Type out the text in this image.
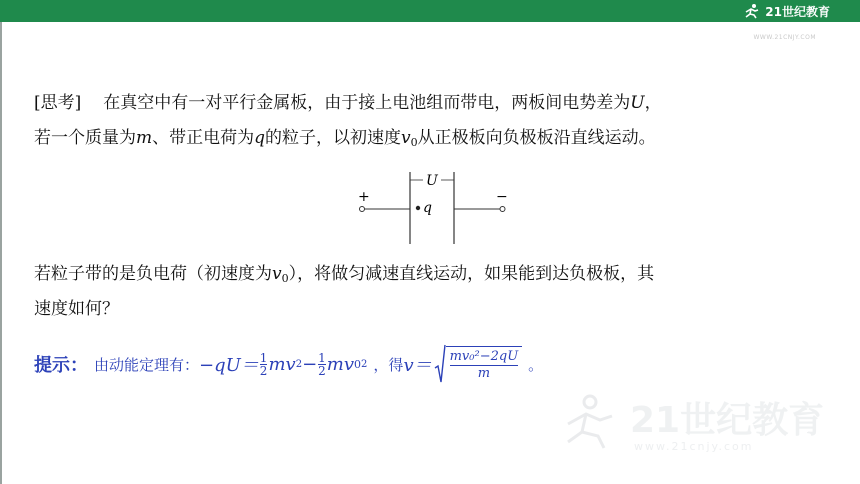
21世纪教育
WWW.21CNJY.COM
[思考] 在真空中有一对平行金属板，由于接上电池组而带电，两板间电势差为U，
若一个质量为m、带正电荷为q的粒子，以初速度$v_0$从正极板向负极板沿直线运动。
+
U
q
−
若粒子带的是负电荷（初速度为$v_0$），将做匀减速直线运动，如果能到达负极板，其
速度如何？
提示： 由动能定理有： $-qU= \frac{1}{2}$ mv $2 - \frac{1}{2}$ mv 0 2 ，得 v＝ mv₀²−2qU
m	。
21世纪教育
www.21cnjy.com
